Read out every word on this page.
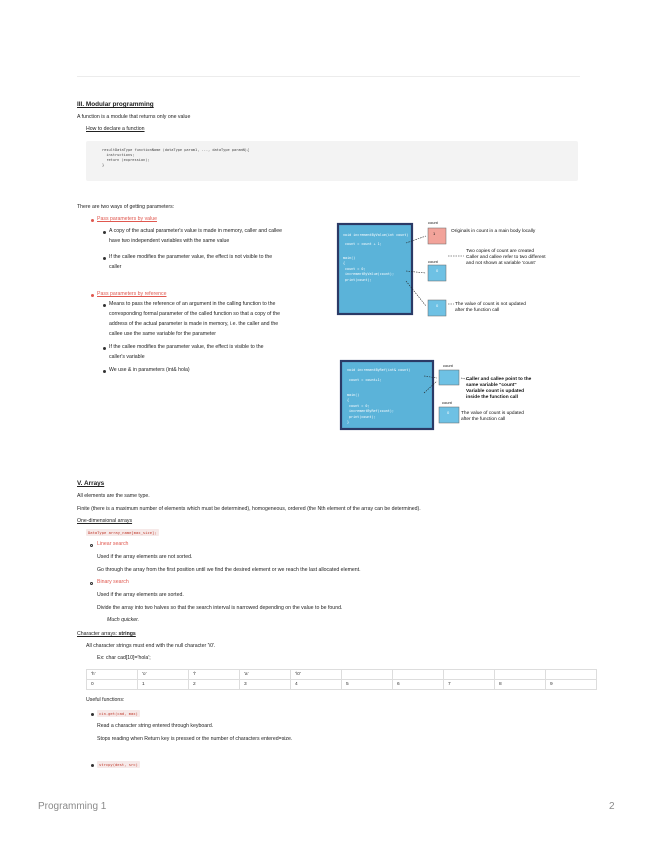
III. Modular programming
A function is a module that returns only one value
How to declare a function
resultDataType functionName (dataType param1, ..., dataType paramN){
instructions;
return (expression);
}
There are two ways of getting parameters:
Pass parameters by value
A copy of the actual parameter's value is made in memory, caller and callee
have two independent variables with the same value
If the callee modifies the parameter value, the effect is not visible to the
caller
Pass parameters by reference
Means to pass the reference of an argument in the calling function to the
corresponding formal parameter of the called function so that a copy of the
address of the actual parameter is made in memory, i.e. the caller and the
callee use the same variable for the parameter
If the callee modifies the parameter value, the effect is visible to the
caller's variable
We use & in parameters (int& hola)
count
1
count
0
0
void incrementByValue(int count)
count = count + 1;
main()
{
count = 0;
incrementByValue(count);
print(count);
Originals in count in a main body locally
Two copies of count are created
Caller and callee refer to two different
and not shown at variable 'count'
The value of count is not updated
after the function call
count
count
0
void incrementByRef(int& count)
count = count+1;
main()
{
count = 0;
incrementByRef(count);
print(count);
}
Caller and callee point to the
same variable "count"
Variable count is updated
inside the function call
The value of count is updated
after the function call
V. Arrays
All elements are the same type.
Finite (there is a maximum number of elements which must be determined), homogeneous, ordered (the Nth element of the array can be determined).
One-dimensional arrays
DataType array_name[max_size];
Linear search
Used if the array elements are not sorted.
Go through the array from the first position until we find the desired element or we reach the last allocated element.
Binary search
Used if the array elements are sorted.
Divide the array into two halves so that the search interval is narrowed depending on the value to be found.
Much quicker.
Character arrays: strings
All character strings must end with the null character '\0'.
Ex: char cad[10]='hola';
'h'	'o'	'l'	'a'	'\0'					
0	1	2	3	4	5	6	7	8	9
Useful functions:
cin.get(cad, max)
Read a character string entered through keyboard.
Stops reading when Return key is pressed or the number of characters entered=size.
strcpy(dest, src)
Programming 1	2
